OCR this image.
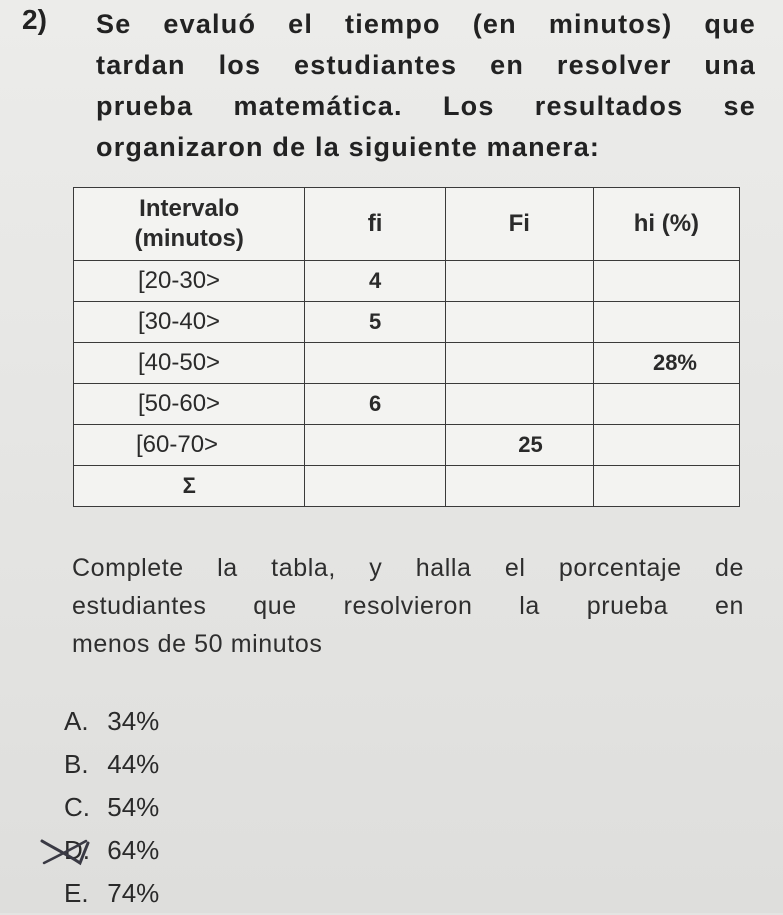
2) Se evaluó el tiempo (en minutos) que
tardan los estudiantes en resolver una
prueba matemática. Los resultados se
organizaron de la siguiente manera:
Intervalo
(minutos)	fi	Fi	hi (%)
[20-30>	4		
[30-40>	5		
[40-50>			28%
[50-60>	6		
[60-70>		25	
Σ			
Complete la tabla, y halla el porcentaje de
estudiantes que resolvieron la prueba en
menos de 50 minutos
A. 34%
B. 44%
C. 54%
D. 64%
E. 74%
